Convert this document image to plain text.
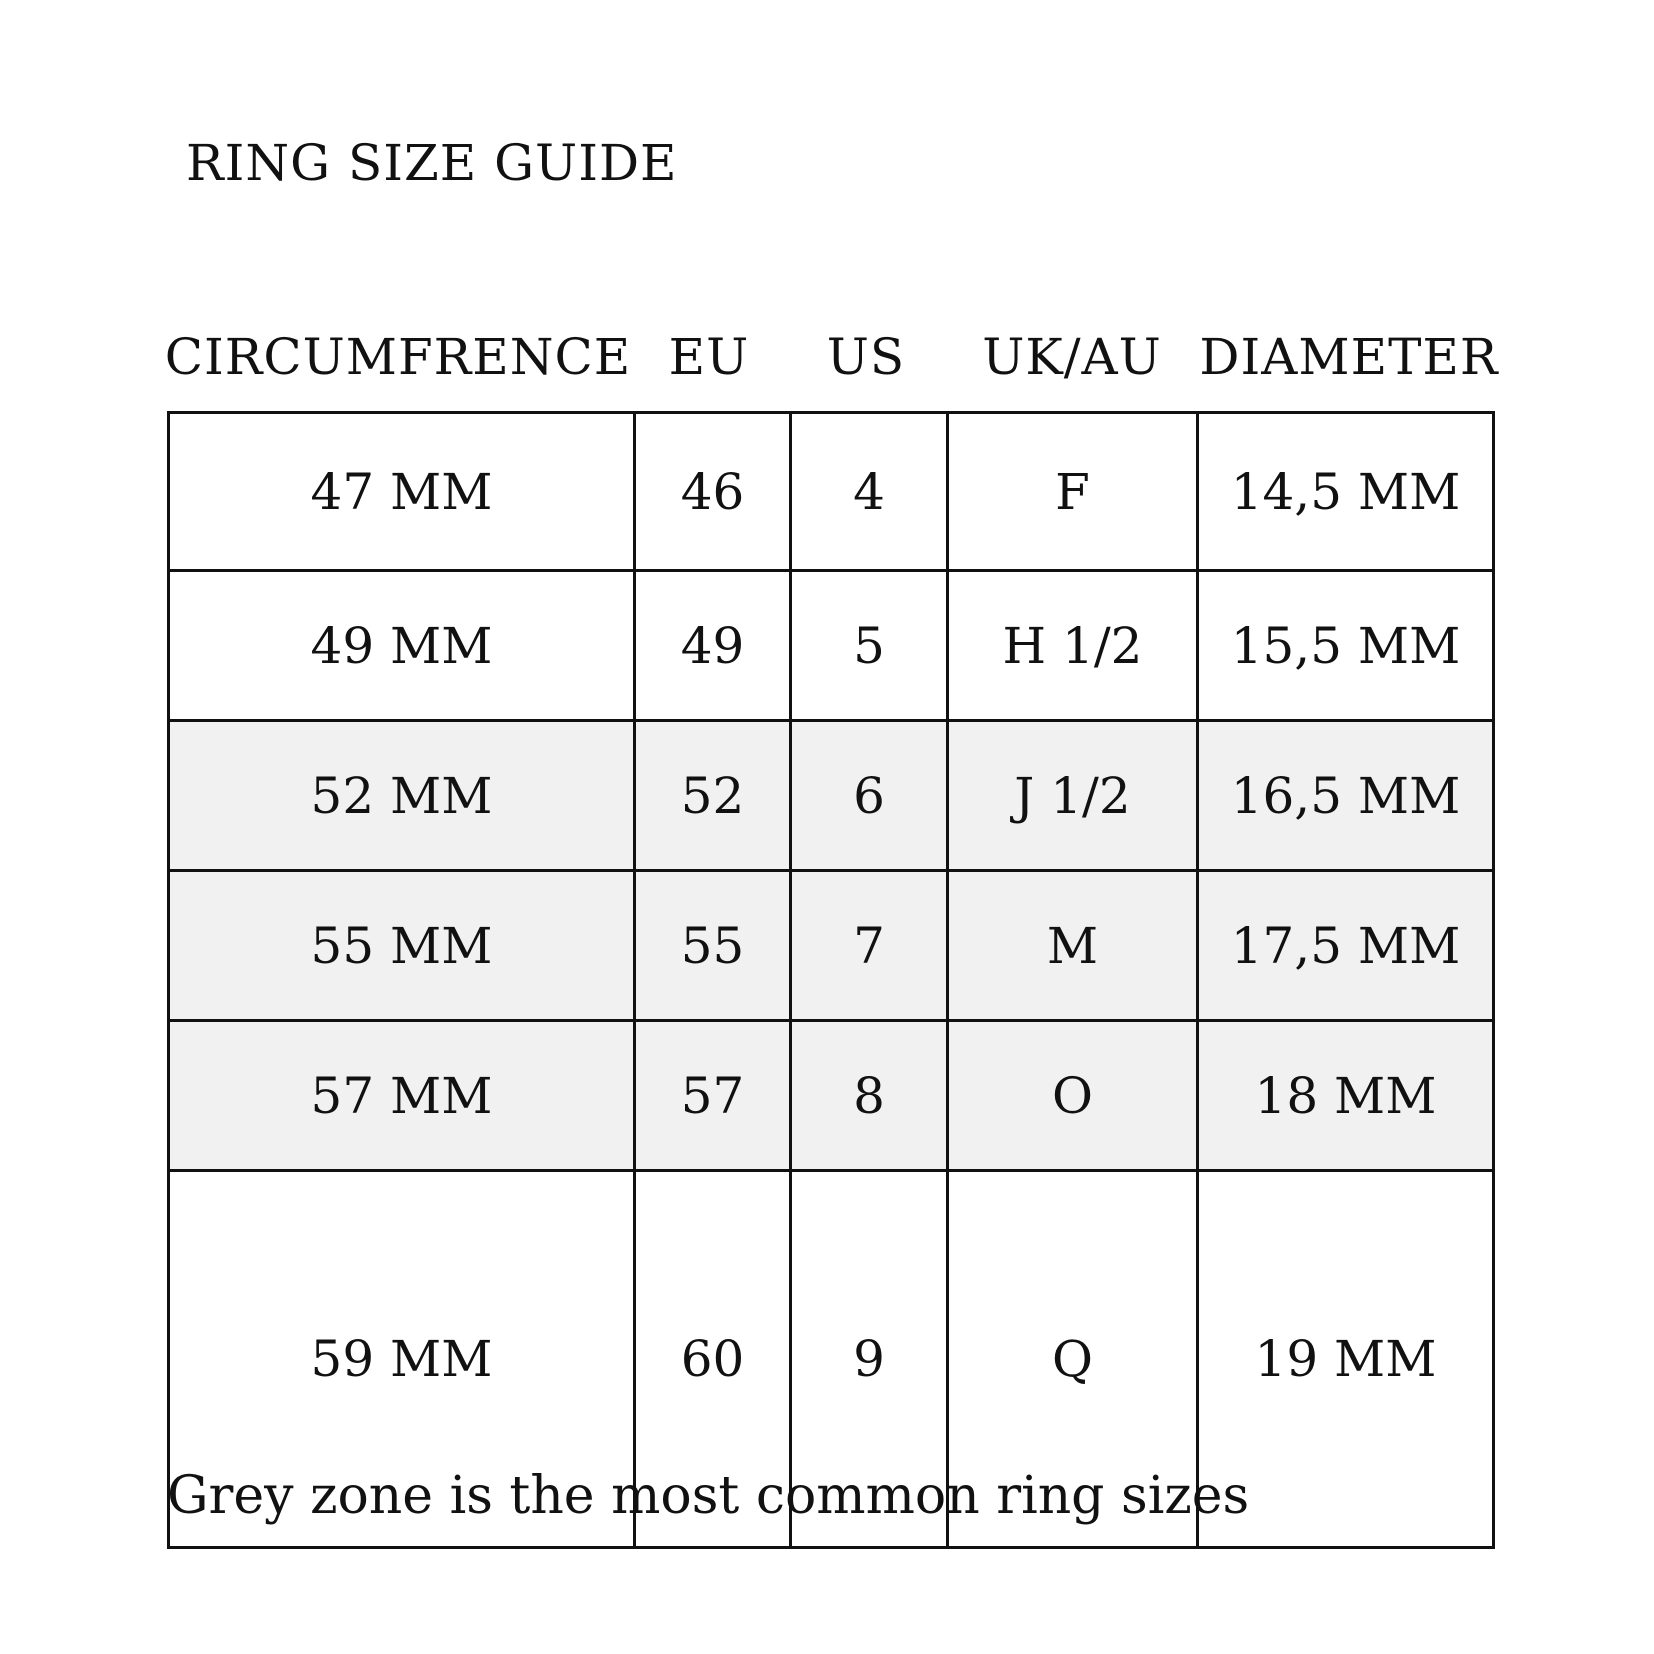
RING SIZE GUIDE
CIRCUMFRENCE EU US UK/AU DIAMETER
47 MM	46	4	F	14,5 MM
49 MM	49	5	H 1/2	15,5 MM
52 MM	52	6	J 1/2	16,5 MM
55 MM	55	7	M	17,5 MM
57 MM	57	8	O	18 MM
59 MM	60	9	Q	19 MM
Grey zone is the most common ring sizes
